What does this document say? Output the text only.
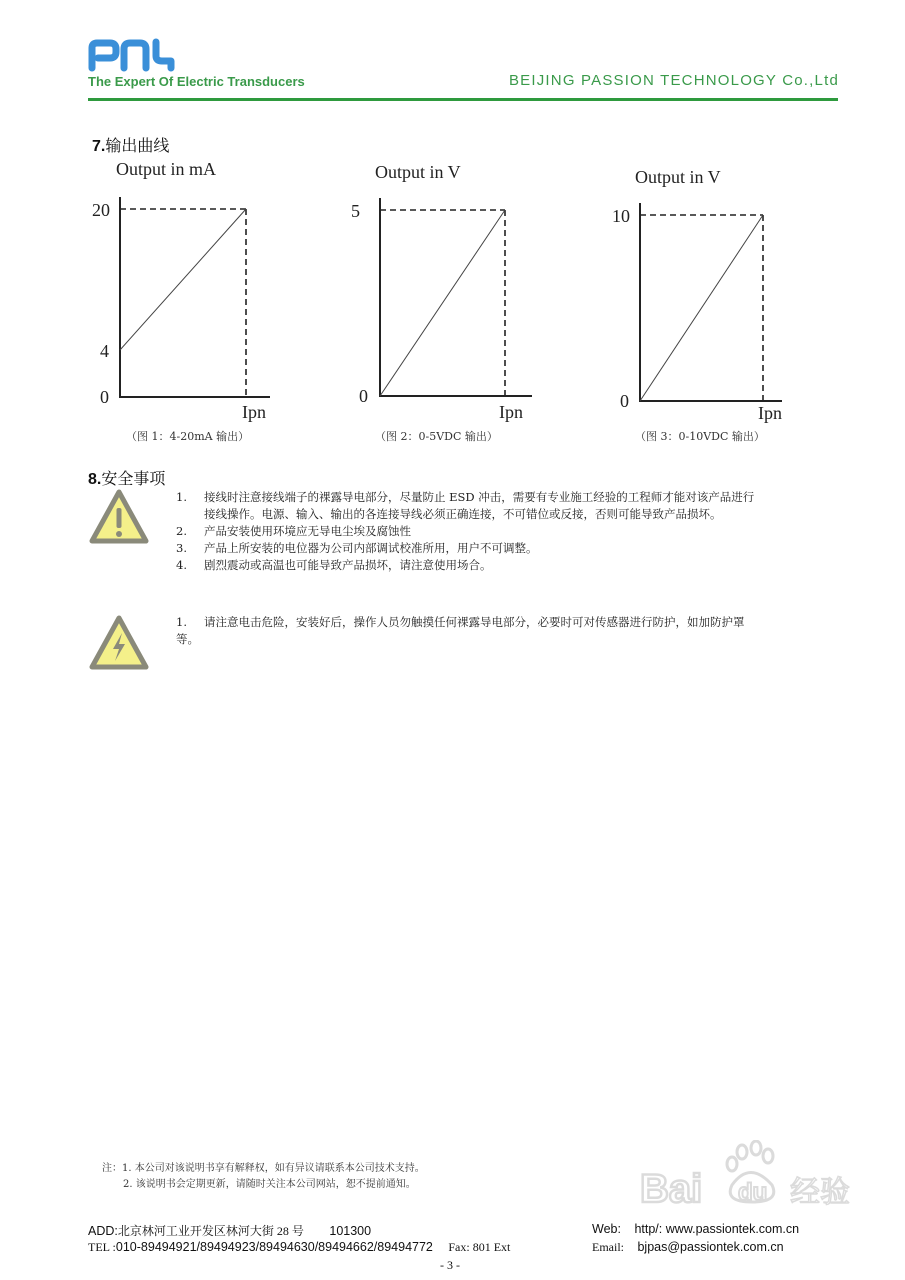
The Expert Of Electric Transducers	BEIJING PASSION TECHNOLOGY Co.,Ltd
7.输出曲线
Output in mA
20
4
0
Ipn
（图 1：4-20mA 输出）
Output in V
5
0
Ipn
（图 2：0-5VDC 输出）
Output in V
10
0
Ipn
（图 3：0-10VDC 输出）
8.安全事项
1.	接线时注意接线端子的裸露导电部分，尽量防止 ESD 冲击，需要有专业施工经验的工程师才能对该产品进行
接线操作。电源、输入、输出的各连接导线必须正确连接，不可错位或反接，否则可能导致产品损坏。
2.	产品安装使用环境应无导电尘埃及腐蚀性
3.	产品上所安装的电位器为公司内部调试校准所用，用户不可调整。
4.	剧烈震动或高温也可能导致产品损坏，请注意使用场合。
1.	请注意电击危险，安装好后，操作人员勿触摸任何裸露导电部分，必要时可对传感器进行防护，如加防护罩
等。
注：1. 本公司对该说明书享有解释权，如有异议请联系本公司技术支持。
2. 该说明书会定期更新，请随时关注本公司网站，恕不提前通知。	Bai du 经验
ADD:北京林河工业开发区林河大街 28 号 101300
TEL :010-89494921/89494923/89494630/89494662/89494772 Fax: 801 Ext
Web: http/: www.passiontek.com.cn
Email: bjpas@passiontek.com.cn
- 3 -
